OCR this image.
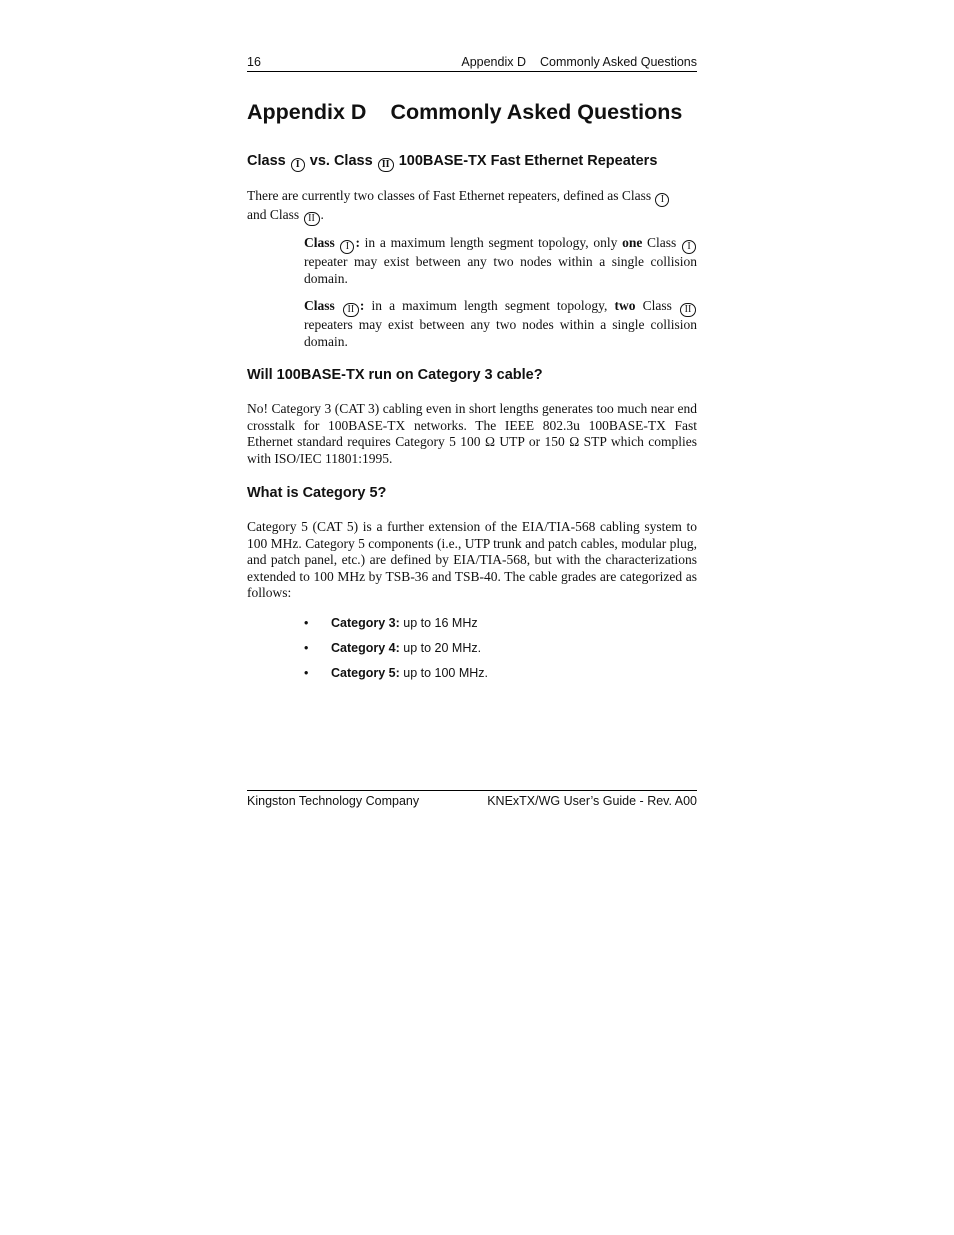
16	Appendix D Commonly Asked Questions
Appendix D Commonly Asked Questions
Class I vs. Class II 100BASE-TX Fast Ethernet Repeaters

There are currently two classes of Fast Ethernet repeaters, defined as Class I
and Class II .

Class I : in a maximum length segment topology, only one Class I repeater may exist between any two nodes within a single collision domain.

Class II : in a maximum length segment topology, two Class II repeaters may exist between any two nodes within a single collision domain.

Will 100BASE-TX run on Category 3 cable?

No! Category 3 (CAT 3) cabling even in short lengths generates too much near end crosstalk for 100BASE-TX networks. The IEEE 802.3u 100BASE-TX Fast Ethernet standard requires Category 5 100 Ω UTP or 150 Ω STP which complies with ISO/IEC 11801:1995.

What is Category 5?

Category 5 (CAT 5) is a further extension of the EIA/TIA-568 cabling system to 100 MHz. Category 5 components (i.e., UTP trunk and patch cables, modular plug, and patch panel, etc.) are defined by EIA/TIA-568, but with the characterizations extended to 100 MHz by TSB-36 and TSB-40. The cable grades are categorized as follows:

• Category 3: up to 16 MHz
• Category 4: up to 20 MHz.
• Category 5: up to 100 MHz.
Kingston Technology Company	KNExTX/WG User’s Guide - Rev. A00
